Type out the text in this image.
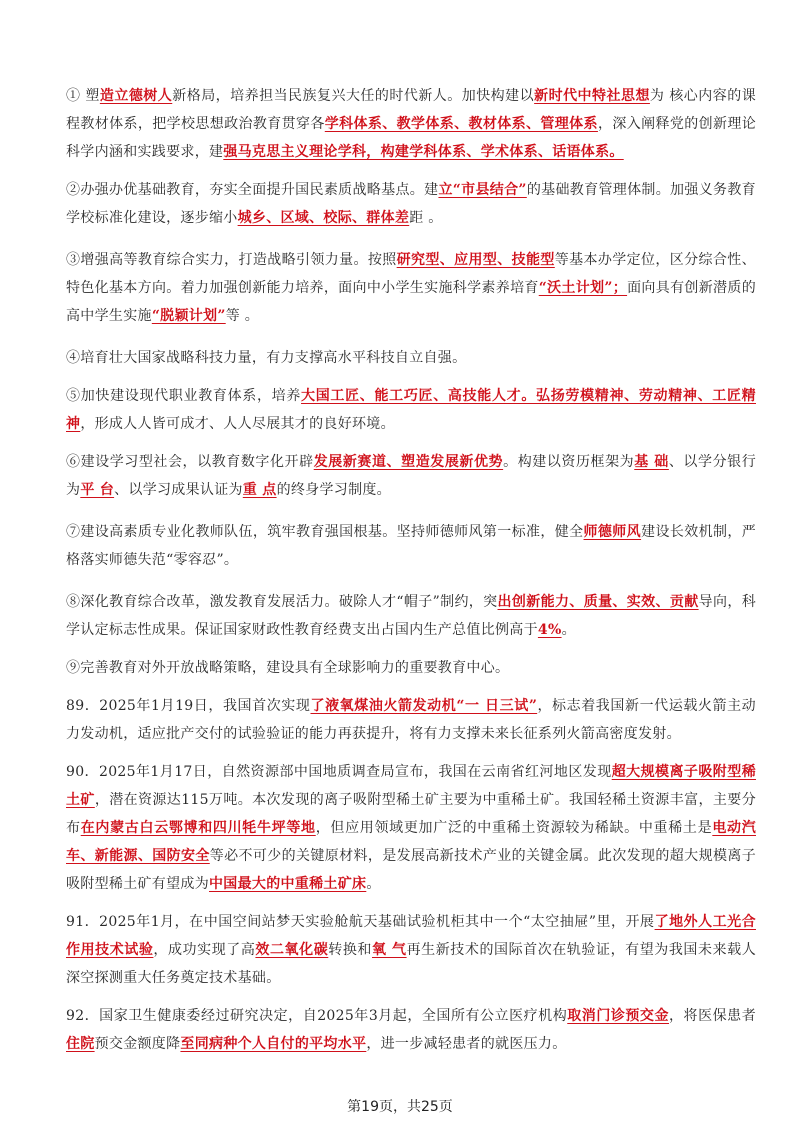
① 塑造立德树人新格局，培养担当民族复兴大任的时代新人。加快构建以新时代中特社思想为 核心内容的课程教材体系，把学校思想政治教育贯穿各学科体系、教学体系、教材体系、管理体系，深入阐释党的创新理论科学内涵和实践要求，建强马克思主义理论学科，构建学科体系、学术体系、话语体系。

②办强办优基础教育，夯实全面提升国民素质战略基点。建立“市县结合”的基础教育管理体制。加强义务教育学校标准化建设，逐步缩小城乡、区域、校际、群体差距 。

③增强高等教育综合实力，打造战略引领力量。按照研究型、应用型、技能型等基本办学定位，区分综合性、特色化基本方向。着力加强创新能力培养，面向中小学生实施科学素养培育“沃土计划”；面向具有创新潜质的高中学生实施“脱颖计划”等 。

④培育壮大国家战略科技力量，有力支撑高水平科技自立自强。

⑤加快建设现代职业教育体系，培养大国工匠、能工巧匠、高技能人才。弘扬劳模精神、劳动精神、工匠精神，形成人人皆可成才、人人尽展其才的良好环境。

⑥建设学习型社会，以教育数字化开辟发展新赛道、塑造发展新优势。构建以资历框架为基 础、以学分银行为平 台、以学习成果认证为重 点的终身学习制度。

⑦建设高素质专业化教师队伍，筑牢教育强国根基。坚持师德师风第一标准，健全师德师风建设长效机制，严格落实师德失范“零容忍”。

⑧深化教育综合改革，激发教育发展活力。破除人才“帽子”制约，突出创新能力、质量、实效、贡献导向，科学认定标志性成果。保证国家财政性教育经费支出占国内生产总值比例高于4%。

⑨完善教育对外开放战略策略，建设具有全球影响力的重要教育中心。

89．2025年1月19日，我国首次实现了液氧煤油火箭发动机“一 日三试”，标志着我国新一代运载火箭主动力发动机，适应批产交付的试验验证的能力再获提升，将有力支撑未来长征系列火箭高密度发射。

90．2025年1月17日，自然资源部中国地质调查局宣布，我国在云南省红河地区发现超大规模离子吸附型稀土矿，潜在资源达115万吨。本次发现的离子吸附型稀土矿主要为中重稀土矿。我国轻稀土资源丰富，主要分布在内蒙古白云鄂博和四川牦牛坪等地，但应用领域更加广泛的中重稀土资源较为稀缺。中重稀土是电动汽车、新能源、国防安全等必不可少的关键原材料，是发展高新技术产业的关键金属。此次发现的超大规模离子吸附型稀土矿有望成为中国最大的中重稀土矿床。

91．2025年1月，在中国空间站梦天实验舱航天基础试验机柜其中一个“太空抽屉”里，开展了地外人工光合作用技术试验，成功实现了高效二氧化碳转换和氧 气再生新技术的国际首次在轨验证，有望为我国未来载人深空探测重大任务奠定技术基础。

92．国家卫生健康委经过研究决定，自2025年3月起，全国所有公立医疗机构取消门诊预交金，将医保患者住院预交金额度降至同病种个人自付的平均水平，进一步减轻患者的就医压力。

第19页，共25页
